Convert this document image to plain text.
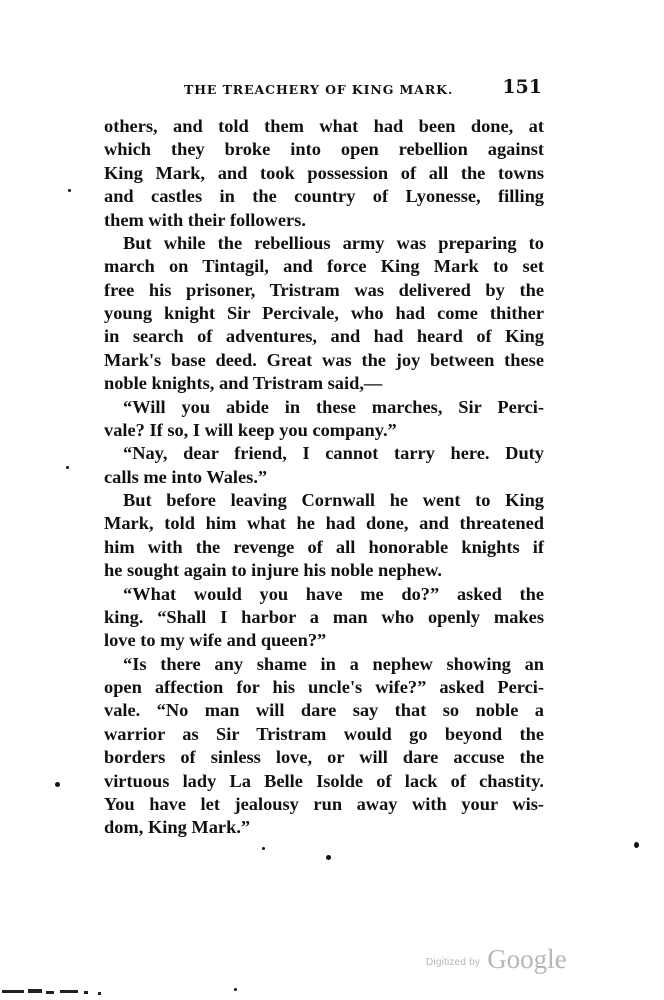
THE TREACHERY OF KING MARK.	151
others, and told them what had been done, at
which they broke into open rebellion against
King Mark, and took possession of all the towns
and castles in the country of Lyonesse, filling
them with their followers.
But while the rebellious army was preparing to
march on Tintagil, and force King Mark to set
free his prisoner, Tristram was delivered by the
young knight Sir Percivale, who had come thither
in search of adventures, and had heard of King
Mark's base deed. Great was the joy between these
noble knights, and Tristram said,—
“Will you abide in these marches, Sir Perci-
vale? If so, I will keep you company.”
“Nay, dear friend, I cannot tarry here. Duty
calls me into Wales.”
But before leaving Cornwall he went to King
Mark, told him what he had done, and threatened
him with the revenge of all honorable knights if
he sought again to injure his noble nephew.
“What would you have me do?” asked the
king. “Shall I harbor a man who openly makes
love to my wife and queen?”
“Is there any shame in a nephew showing an
open affection for his uncle's wife?” asked Perci-
vale. “No man will dare say that so noble a
warrior as Sir Tristram would go beyond the
borders of sinless love, or will dare accuse the
virtuous lady La Belle Isolde of lack of chastity.
You have let jealousy run away with your wis-
dom, King Mark.”
Digitized by Google
